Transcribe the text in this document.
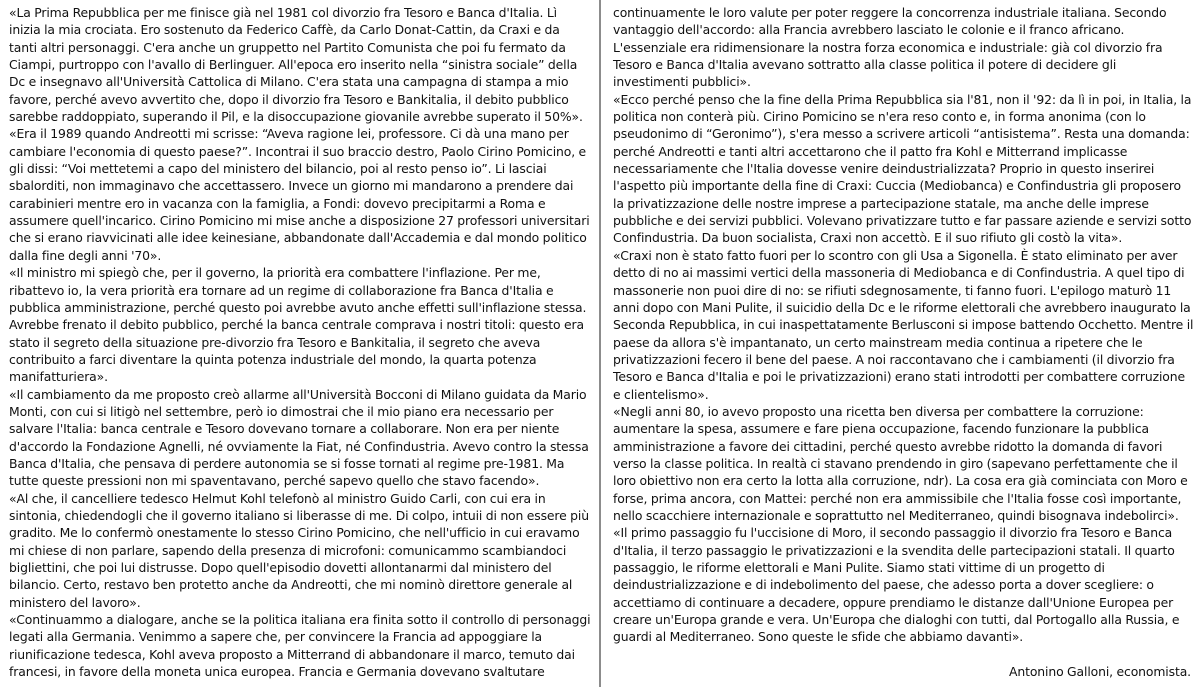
«La Prima Repubblica per me finisce già nel 1981 col divorzio fra Tesoro e Banca d'Italia. Lì inizia la mia crociata. Ero sostenuto da Federico Caffè, da Carlo Donat-Cattin, da Craxi e da tanti altri personaggi. C'era anche un gruppetto nel Partito Comunista che poi fu fermato da Ciampi, purtroppo con l'avallo di Berlinguer. All'epoca ero inserito nella “sinistra sociale” della Dc e insegnavo all'Università Cattolica di Milano. C'era stata una campagna di stampa a mio favore, perché avevo avvertito che, dopo il divorzio fra Tesoro e Bankitalia, il debito pubblico sarebbe raddoppiato, superando il Pil, e la disoccupazione giovanile avrebbe superato il 50%».

«Era il 1989 quando Andreotti mi scrisse: “Aveva ragione lei, professore. Ci dà una mano per cambiare l'economia di questo paese?”. Incontrai il suo braccio destro, Paolo Cirino Pomicino, e gli dissi: “Voi mettetemi a capo del ministero del bilancio, poi al resto penso io”. Li lasciai sbalorditi, non immaginavo che accettassero. Invece un giorno mi mandarono a prendere dai carabinieri mentre ero in vacanza con la famiglia, a Fondi: dovevo precipitarmi a Roma e assumere quell'incarico. Cirino Pomicino mi mise anche a disposizione 27 professori universitari che si erano riavvicinati alle idee keinesiane, abbandonate dall'Accademia e dal mondo politico dalla fine degli anni '70».

«Il ministro mi spiegò che, per il governo, la priorità era combattere l'inflazione. Per me, ribattevo io, la vera priorità era tornare ad un regime di collaborazione fra Banca d'Italia e pubblica amministrazione, perché questo poi avrebbe avuto anche effetti sull'inflazione stessa. Avrebbe frenato il debito pubblico, perché la banca centrale comprava i nostri titoli: questo era stato il segreto della situazione pre-divorzio fra Tesoro e Bankitalia, il segreto che aveva contribuito a farci diventare la quinta potenza industriale del mondo, la quarta potenza manifatturiera».

«Il cambiamento da me proposto creò allarme all'Università Bocconi di Milano guidata da Mario Monti, con cui si litigò nel settembre, però io dimostrai che il mio piano era necessario per salvare l'Italia: banca centrale e Tesoro dovevano tornare a collaborare. Non era per niente d'accordo la Fondazione Agnelli, né ovviamente la Fiat, né Confindustria. Avevo contro la stessa Banca d'Italia, che pensava di perdere autonomia se si fosse tornati al regime pre-1981. Ma tutte queste pressioni non mi spaventavano, perché sapevo quello che stavo facendo».

«Al che, il cancelliere tedesco Helmut Kohl telefonò al ministro Guido Carli, con cui era in sintonia, chiedendogli che il governo italiano si liberasse di me. Di colpo, intuii di non essere più gradito. Me lo confermò onestamente lo stesso Cirino Pomicino, che nell'ufficio in cui eravamo mi chiese di non parlare, sapendo della presenza di microfoni: comunicammo scambiandoci bigliettini, che poi lui distrusse. Dopo quell'episodio dovetti allontanarmi dal ministero del bilancio. Certo, restavo ben protetto anche da Andreotti, che mi nominò direttore generale al ministero del lavoro».

«Continuammo a dialogare, anche se la politica italiana era finita sotto il controllo di personaggi legati alla Germania. Venimmo a sapere che, per convincere la Francia ad appoggiare la riunificazione tedesca, Kohl aveva proposto a Mitterrand di abbandonare il marco, temuto dai francesi, in favore della moneta unica europea. Francia e Germania dovevano svaltutare

continuamente le loro valute per poter reggere la concorrenza industriale italiana. Secondo vantaggio dell'accordo: alla Francia avrebbero lasciato le colonie e il franco africano. L'essenziale era ridimensionare la nostra forza economica e industriale: già col divorzio fra Tesoro e Banca d'Italia avevano sottratto alla classe politica il potere di decidere gli investimenti pubblici».

«Ecco perché penso che la fine della Prima Repubblica sia l'81, non il '92: da lì in poi, in Italia, la politica non conterà più. Cirino Pomicino se n'era reso conto e, in forma anonima (con lo pseudonimo di “Geronimo”), s'era messo a scrivere articoli “antisistema”. Resta una domanda: perché Andreotti e tanti altri accettarono che il patto fra Kohl e Mitterrand implicasse necessariamente che l'Italia dovesse venire deindustrializzata? Proprio in questo inserirei l'aspetto più importante della fine di Craxi: Cuccia (Mediobanca) e Confindustria gli proposero la privatizzazione delle nostre imprese a partecipazione statale, ma anche delle imprese pubbliche e dei servizi pubblici. Volevano privatizzare tutto e far passare aziende e servizi sotto Confindustria. Da buon socialista, Craxi non accettò. E il suo rifiuto gli costò la vita».

«Craxi non è stato fatto fuori per lo scontro con gli Usa a Sigonella. È stato eliminato per aver detto di no ai massimi vertici della massoneria di Mediobanca e di Confindustria. A quel tipo di massonerie non puoi dire di no: se rifiuti sdegnosamente, ti fanno fuori. L'epilogo maturò 11 anni dopo con Mani Pulite, il suicidio della Dc e le riforme elettorali che avrebbero inaugurato la Seconda Repubblica, in cui inaspettatamente Berlusconi si impose battendo Occhetto. Mentre il paese da allora s'è impantanato, un certo mainstream media continua a ripetere che le privatizzazioni fecero il bene del paese. A noi raccontavano che i cambiamenti (il divorzio fra Tesoro e Banca d'Italia e poi le privatizzazioni) erano stati introdotti per combattere corruzione e clientelismo».

«Negli anni 80, io avevo proposto una ricetta ben diversa per combattere la corruzione: aumentare la spesa, assumere e fare piena occupazione, facendo funzionare la pubblica amministrazione a favore dei cittadini, perché questo avrebbe ridotto la domanda di favori verso la classe politica. In realtà ci stavano prendendo in giro (sapevano perfettamente che il loro obiettivo non era certo la lotta alla corruzione, ndr). La cosa era già cominciata con Moro e forse, prima ancora, con Mattei: perché non era ammissibile che l'Italia fosse così importante, nello scacchiere internazionale e soprattutto nel Mediterraneo, quindi bisognava indebolirci».

«Il primo passaggio fu l'uccisione di Moro, il secondo passaggio il divorzio fra Tesoro e Banca d'Italia, il terzo passaggio le privatizzazioni e la svendita delle partecipazioni statali. Il quarto passaggio, le riforme elettorali e Mani Pulite. Siamo stati vittime di un progetto di deindustrializzazione e di indebolimento del paese, che adesso porta a dover scegliere: o accettiamo di continuare a decadere, oppure prendiamo le distanze dall'Unione Europea per creare un'Europa grande e vera. Un'Europa che dialoghi con tutti, dal Portogallo alla Russia, e guardi al Mediterraneo. Sono queste le sfide che abbiamo davanti».

Antonino Galloni, economista.
